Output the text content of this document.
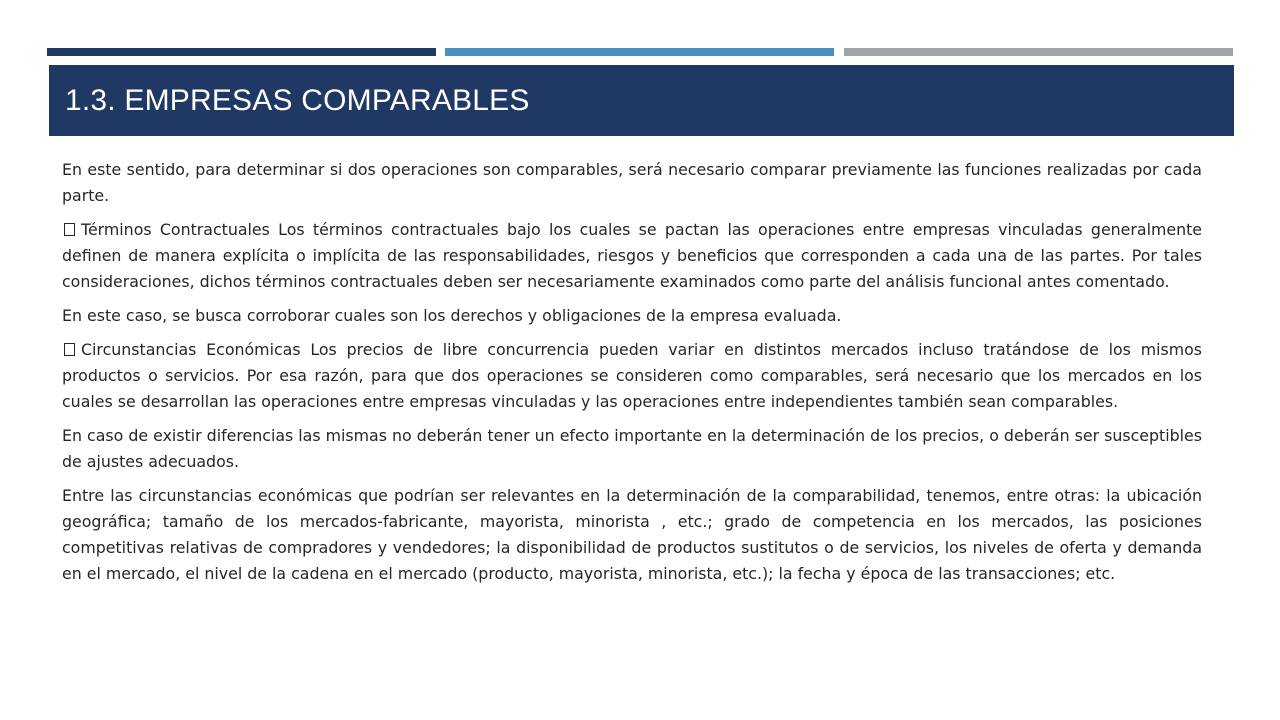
1.3. EMPRESAS COMPARABLES

En este sentido, para determinar si dos operaciones son comparables, será necesario comparar previamente las funciones realizadas por cada parte.

Términos Contractuales Los términos contractuales bajo los cuales se pactan las operaciones entre empresas vinculadas generalmente definen de manera explícita o implícita de las responsabilidades, riesgos y beneficios que corresponden a cada una de las partes. Por tales consideraciones, dichos términos contractuales deben ser necesariamente examinados como parte del análisis funcional antes comentado.

En este caso, se busca corroborar cuales son los derechos y obligaciones de la empresa evaluada.

Circunstancias Económicas Los precios de libre concurrencia pueden variar en distintos mercados incluso tratándose de los mismos productos o servicios. Por esa razón, para que dos operaciones se consideren como comparables, será necesario que los mercados en los cuales se desarrollan las operaciones entre empresas vinculadas y las operaciones entre independientes también sean comparables.

En caso de existir diferencias las mismas no deberán tener un efecto importante en la determinación de los precios, o deberán ser susceptibles de ajustes adecuados.

Entre las circunstancias económicas que podrían ser relevantes en la determinación de la comparabilidad, tenemos, entre otras: la ubicación geográfica; tamaño de los mercados-fabricante, mayorista, minorista , etc.; grado de competencia en los mercados, las posiciones competitivas relativas de compradores y vendedores; la disponibilidad de productos sustitutos o de servicios, los niveles de oferta y demanda en el mercado, el nivel de la cadena en el mercado (producto, mayorista, minorista, etc.); la fecha y época de las transacciones; etc.
